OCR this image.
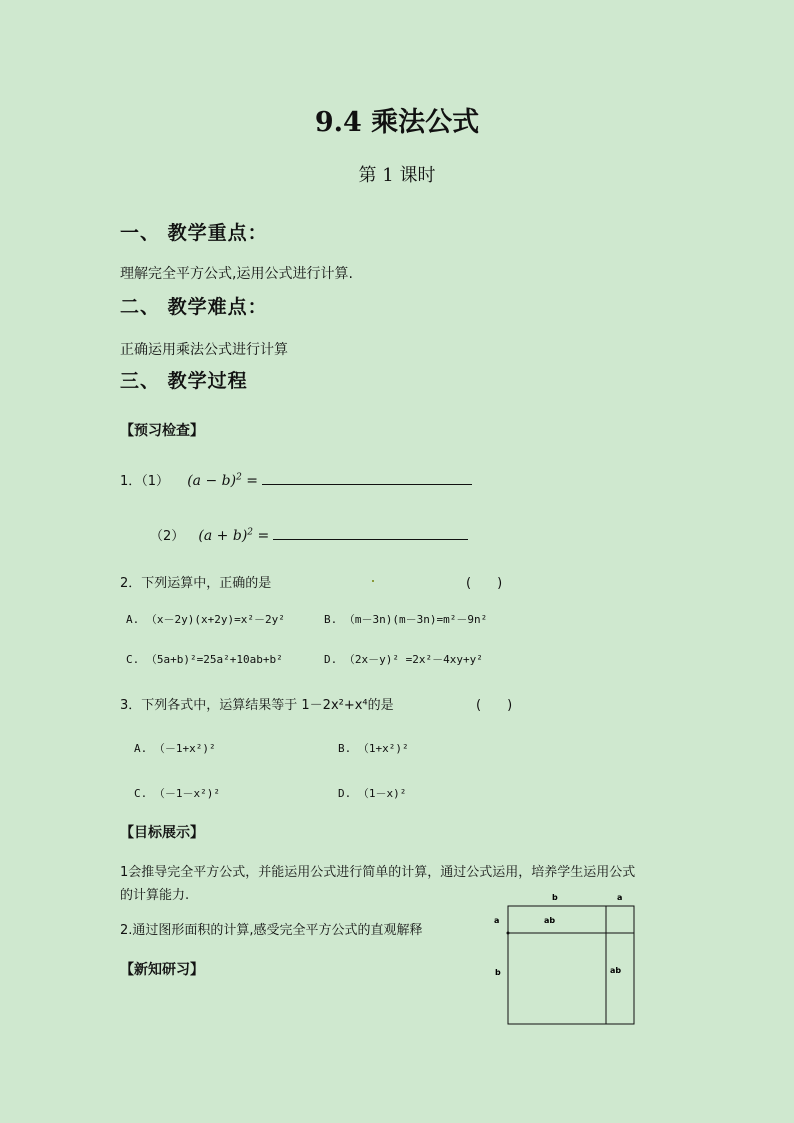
9.4 乘法公式
第 1 课时
一、 教学重点：
理解完全平方公式,运用公式进行计算.
二、 教学难点：
正确运用乘法公式进行计算
三、 教学过程
【预习检查】
1．（1） $(a - b)^2$ =
（2） $(a + b)^2$ =
2．下列运算中，正确的是	(　　)
A. （x－2y)(x+2y)=x²－2y²	B. （m－3n)(m－3n)=m²－9n²
C. （5a+b)²=25a²+10ab+b²	D. （2x－y)² =2x²－4xy+y²
3．下列各式中，运算结果等于 1－2x²+x⁴的是	(　　)
A. （－1+x²)²	B. （1+x²)²
C. （－1－x²)²	D. （1－x)²
【目标展示】
1会推导完全平方公式，并能运用公式进行简单的计算，通过公式运用，培养学生运用公式
的计算能力.
2.通过图形面积的计算,感受完全平方公式的直观解释
【新知研习】
b	a
a
b
ab
ab
